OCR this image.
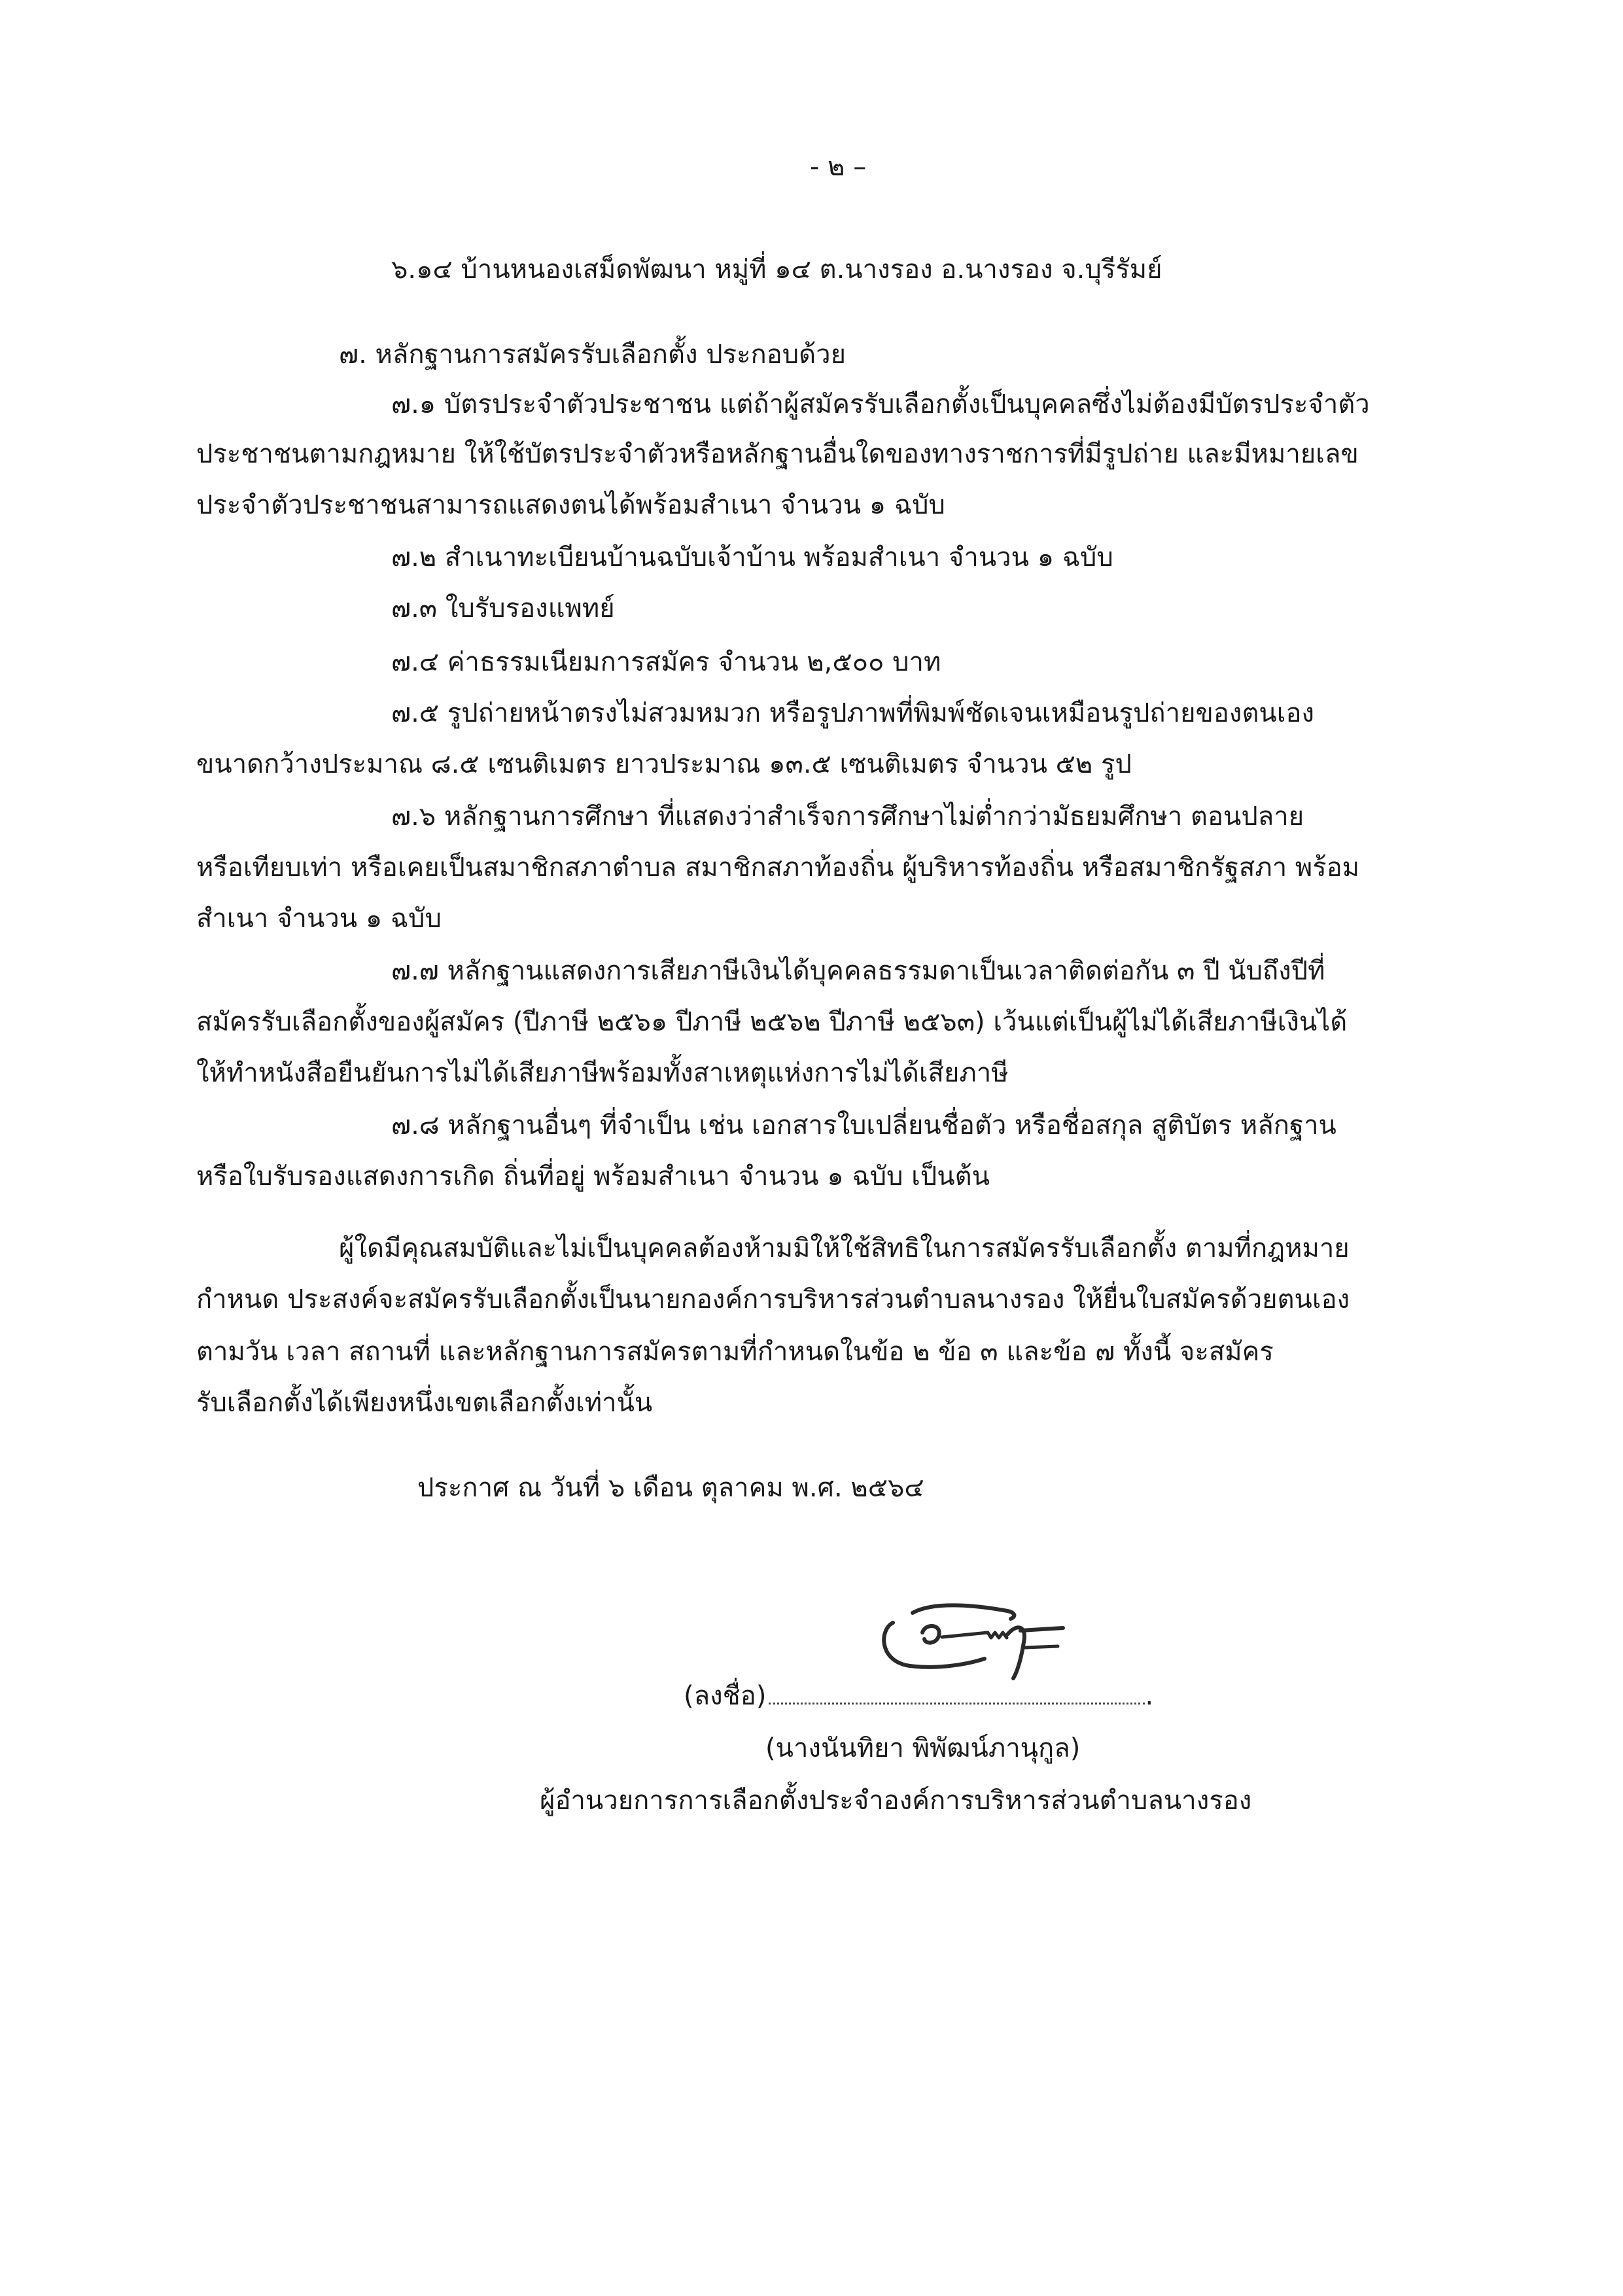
- ๒ –
๖.๑๔ บ้านหนองเสม็ดพัฒนา หมู่ที่ ๑๔ ต.นางรอง อ.นางรอง จ.บุรีรัมย์
๗. หลักฐานการสมัครรับเลือกตั้ง ประกอบด้วย
๗.๑ บัตรประจำตัวประชาชน แต่ถ้าผู้สมัครรับเลือกตั้งเป็นบุคคลซึ่งไม่ต้องมีบัตรประจำตัว
ประชาชนตามกฎหมาย ให้ใช้บัตรประจำตัวหรือหลักฐานอื่นใดของทางราชการที่มีรูปถ่าย และมีหมายเลข
ประจำตัวประชาชนสามารถแสดงตนได้พร้อมสำเนา จำนวน ๑ ฉบับ
๗.๒ สำเนาทะเบียนบ้านฉบับเจ้าบ้าน พร้อมสำเนา จำนวน ๑ ฉบับ
๗.๓ ใบรับรองแพทย์
๗.๔ ค่าธรรมเนียมการสมัคร จำนวน ๒,๕๐๐ บาท
๗.๕ รูปถ่ายหน้าตรงไม่สวมหมวก หรือรูปภาพที่พิมพ์ชัดเจนเหมือนรูปถ่ายของตนเอง
ขนาดกว้างประมาณ ๘.๕ เซนติเมตร ยาวประมาณ ๑๓.๕ เซนติเมตร จำนวน ๕๒ รูป
๗.๖ หลักฐานการศึกษา ที่แสดงว่าสำเร็จการศึกษาไม่ต่ำกว่ามัธยมศึกษา ตอนปลาย
หรือเทียบเท่า หรือเคยเป็นสมาชิกสภาตำบล สมาชิกสภาท้องถิ่น ผู้บริหารท้องถิ่น หรือสมาชิกรัฐสภา พร้อม
สำเนา จำนวน ๑ ฉบับ
๗.๗ หลักฐานแสดงการเสียภาษีเงินได้บุคคลธรรมดาเป็นเวลาติดต่อกัน ๓ ปี นับถึงปีที่
สมัครรับเลือกตั้งของผู้สมัคร (ปีภาษี ๒๕๖๑ ปีภาษี ๒๕๖๒ ปีภาษี ๒๕๖๓) เว้นแต่เป็นผู้ไม่ได้เสียภาษีเงินได้
ให้ทำหนังสือยืนยันการไม่ได้เสียภาษีพร้อมทั้งสาเหตุแห่งการไม่ได้เสียภาษี
๗.๘ หลักฐานอื่นๆ ที่จำเป็น เช่น เอกสารใบเปลี่ยนชื่อตัว หรือชื่อสกุล สูติบัตร หลักฐาน
หรือใบรับรองแสดงการเกิด ถิ่นที่อยู่ พร้อมสำเนา จำนวน ๑ ฉบับ เป็นต้น
ผู้ใดมีคุณสมบัติและไม่เป็นบุคคลต้องห้ามมิให้ใช้สิทธิในการสมัครรับเลือกตั้ง ตามที่กฎหมาย
กำหนด ประสงค์จะสมัครรับเลือกตั้งเป็นนายกองค์การบริหารส่วนตำบลนางรอง ให้ยื่นใบสมัครด้วยตนเอง
ตามวัน เวลา สถานที่ และหลักฐานการสมัครตามที่กำหนดในข้อ ๒ ข้อ ๓ และข้อ ๗ ทั้งนี้ จะสมัคร
รับเลือกตั้งได้เพียงหนึ่งเขตเลือกตั้งเท่านั้น
ประกาศ ณ วันที่ ๖ เดือน ตุลาคม พ.ศ. ๒๕๖๔
(ลงชื่อ)	.
(นางนันทิยา พิพัฒน์ภานุกูล)
ผู้อำนวยการการเลือกตั้งประจำองค์การบริหารส่วนตำบลนางรอง
